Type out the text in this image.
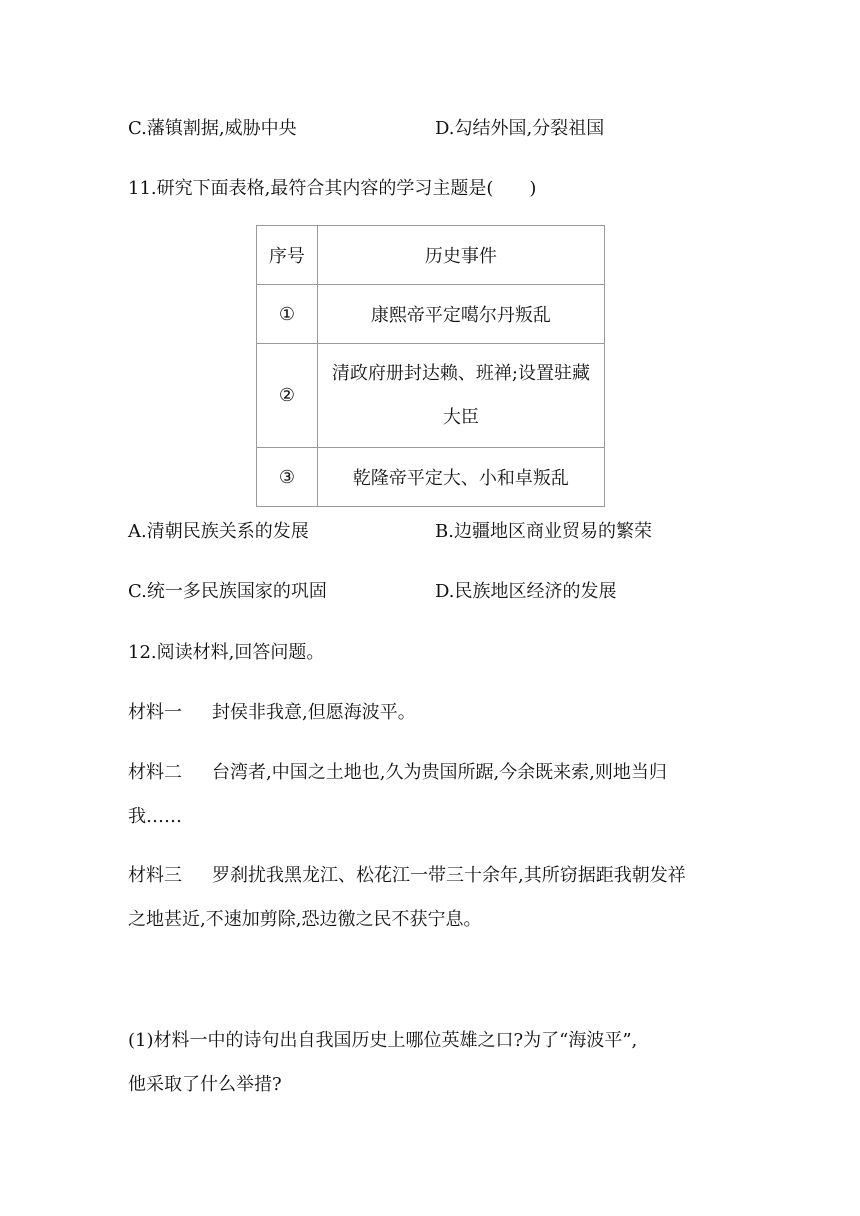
C.藩镇割据,威胁中央	D.勾结外国,分裂祖国
11.研究下面表格,最符合其内容的学习主题是(　　)
序号	历史事件
①	康熙帝平定噶尔丹叛乱
②	清政府册封达赖、班禅;设置驻藏
大臣

③	乾隆帝平定大、小和卓叛乱
A.清朝民族关系的发展	B.边疆地区商业贸易的繁荣
C.统一多民族国家的巩固	D.民族地区经济的发展
12.阅读材料,回答问题。
材料一 封侯非我意,但愿海波平。
材料二 台湾者,中国之土地也,久为贵国所踞,今余既来索,则地当归
我……
材料三 罗刹扰我黑龙江、松花江一带三十余年,其所窃据距我朝发祥
之地甚近,不速加剪除,恐边徼之民不获宁息。
(1)材料一中的诗句出自我国历史上哪位英雄之口?为了“海波平”,
他采取了什么举措?
